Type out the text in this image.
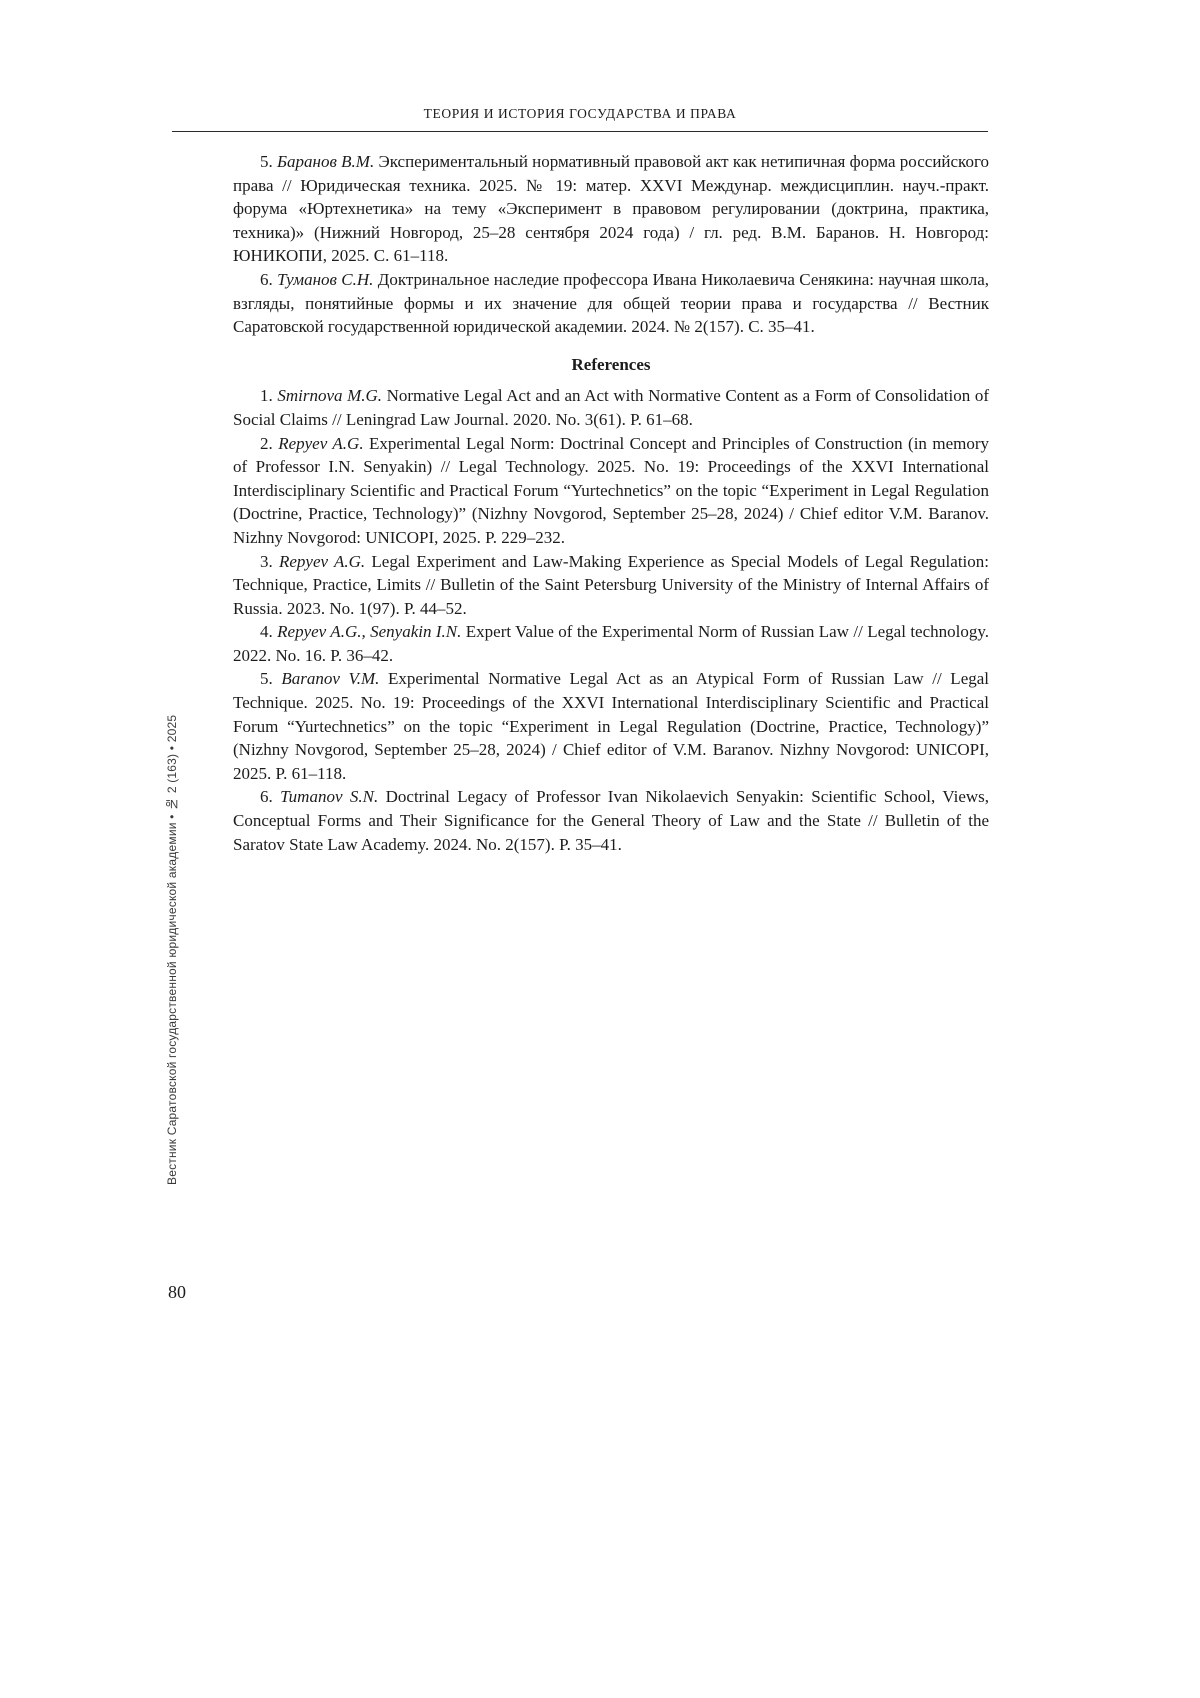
ТЕОРИЯ И ИСТОРИЯ ГОСУДАРСТВА И ПРАВА

5. Баранов В.М. Экспериментальный нормативный правовой акт как нетипичная форма российского права // Юридическая техника. 2025. № 19: матер. XXVI Междунар. междисциплин. науч.-практ. форума «Юртехнетика» на тему «Эксперимент в правовом регулировании (доктрина, практика, техника)» (Нижний Новгород, 25–28 сентября 2024 года) / гл. ред. В.М. Баранов. Н. Новгород: ЮНИКОПИ, 2025. С. 61–118.

6. Туманов С.Н. Доктринальное наследие профессора Ивана Николаевича Сенякина: научная школа, взгляды, понятийные формы и их значение для общей теории права и государства // Вестник Саратовской государственной юридической академии. 2024. № 2(157). С. 35–41.

References

1. Smirnova M.G. Normative Legal Act and an Act with Normative Content as a Form of Consolidation of Social Claims // Leningrad Law Journal. 2020. No. 3(61). P. 61–68.

2. Repyev A.G. Experimental Legal Norm: Doctrinal Concept and Principles of Construction (in memory of Professor I.N. Senyakin) // Legal Technology. 2025. No. 19: Proceedings of the XXVI International Interdisciplinary Scientific and Practical Forum “Yurtechnetics” on the topic “Experiment in Legal Regulation (Doctrine, Practice, Technology)” (Nizhny Novgorod, September 25–28, 2024) / Chief editor V.M. Baranov. Nizhny Novgorod: UNICOPI, 2025. P. 229–232.

3. Repyev A.G. Legal Experiment and Law-Making Experience as Special Models of Legal Regulation: Technique, Practice, Limits // Bulletin of the Saint Petersburg University of the Ministry of Internal Affairs of Russia. 2023. No. 1(97). P. 44–52.

4. Repyev A.G., Senyakin I.N. Expert Value of the Experimental Norm of Russian Law // Legal technology. 2022. No. 16. P. 36–42.

5. Baranov V.M. Experimental Normative Legal Act as an Atypical Form of Russian Law // Legal Technique. 2025. No. 19: Proceedings of the XXVI International Interdisciplinary Scientific and Practical Forum “Yurtechnetics” on the topic “Experiment in Legal Regulation (Doctrine, Practice, Technology)” (Nizhny Novgorod, September 25–28, 2024) / Chief editor of V.M. Baranov. Nizhny Novgorod: UNICOPI, 2025. P. 61–118.

6. Tumanov S.N. Doctrinal Legacy of Professor Ivan Nikolaevich Senyakin: Scientific School, Views, Conceptual Forms and Their Significance for the General Theory of Law and the State // Bulletin of the Saratov State Law Academy. 2024. No. 2(157). P. 35–41.

Вестник Саратовской государственной юридической академии • № 2 (163) • 2025
80
